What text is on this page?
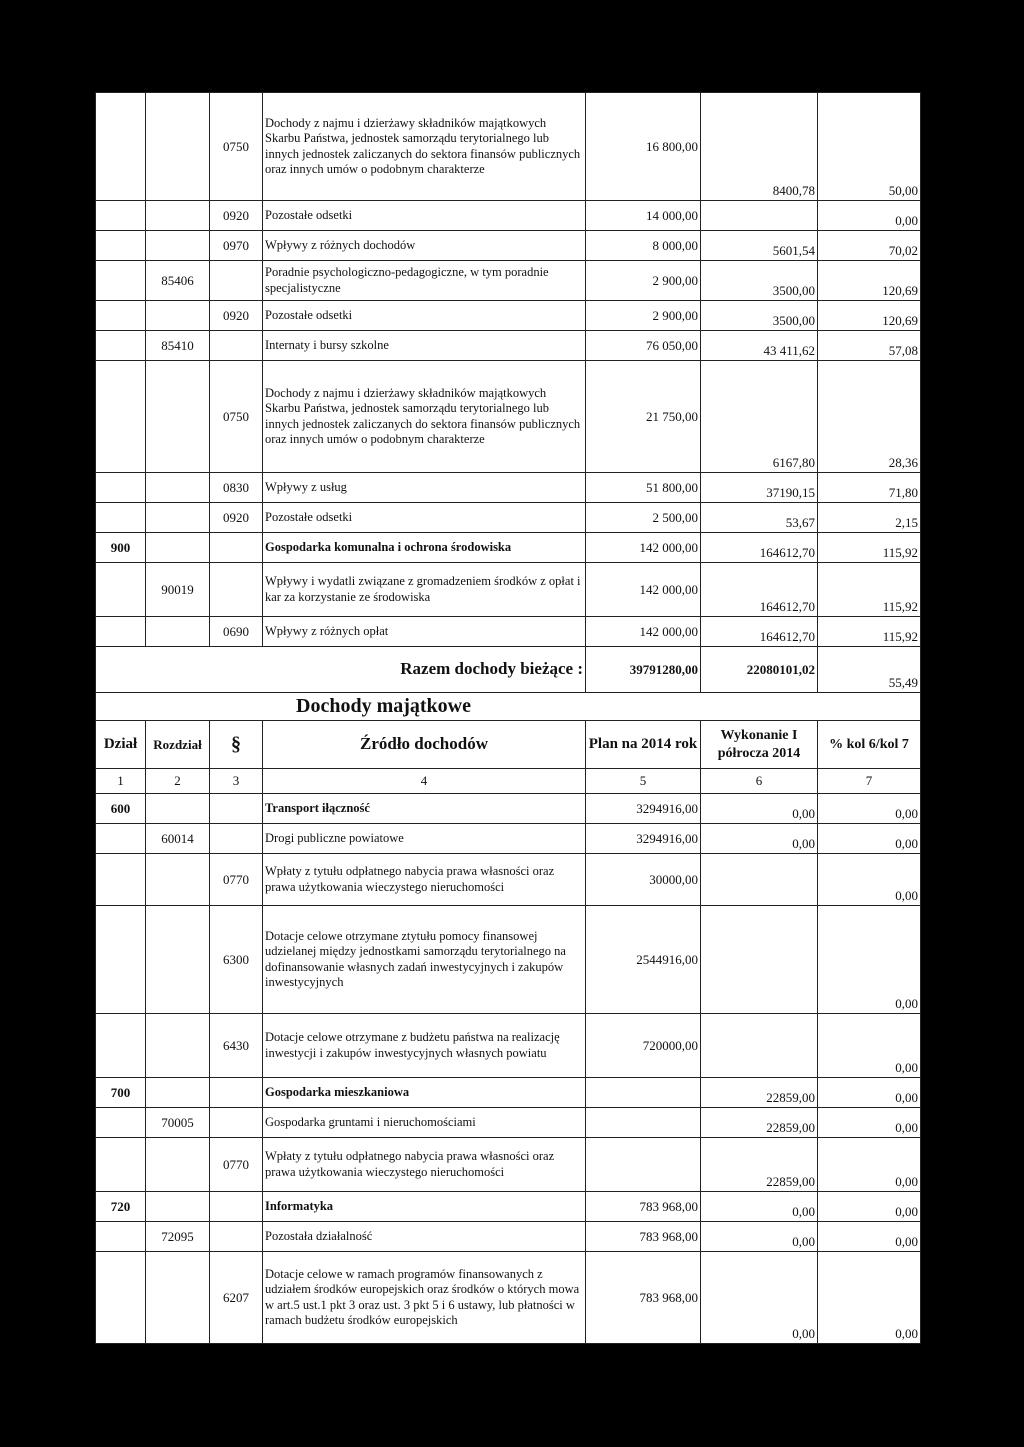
		0750	Dochody z najmu i dzierżawy składników majątkowych Skarbu Państwa, jednostek samorządu terytorialnego lub innych jednostek zaliczanych do sektora finansów publicznych oraz innych umów o podobnym charakterze	16 800,00	8400,78	50,00
		0920	Pozostałe odsetki	14 000,00		0,00
		0970	Wpływy z różnych dochodów	8 000,00	5601,54	70,02
	85406		Poradnie psychologiczno-pedagogiczne, w tym poradnie specjalistyczne	2 900,00	3500,00	120,69
		0920	Pozostałe odsetki	2 900,00	3500,00	120,69
	85410		Internaty i bursy szkolne	76 050,00	43 411,62	57,08
		0750	Dochody z najmu i dzierżawy składników majątkowych Skarbu Państwa, jednostek samorządu terytorialnego lub innych jednostek zaliczanych do sektora finansów publicznych oraz innych umów o podobnym charakterze	21 750,00	6167,80	28,36
		0830	Wpływy z usług	51 800,00	37190,15	71,80
		0920	Pozostałe odsetki	2 500,00	53,67	2,15
900			Gospodarka komunalna i ochrona środowiska	142 000,00	164612,70	115,92
	90019		Wpływy i wydatli związane z gromadzeniem środków z opłat i kar za korzystanie ze środowiska	142 000,00	164612,70	115,92
		0690	Wpływy z różnych opłat	142 000,00	164612,70	115,92
Razem dochody bieżące :				39791280,00	22080101,02	55,49
Dochody majątkowe						
Dział	Rozdział	§	Źródło dochodów	Plan na 2014 rok	Wykonanie I półrocza 2014	% kol 6/kol 7
1	2	3	4	5	6	7
600			Transport iłączność	3294916,00	0,00	0,00
	60014		Drogi publiczne powiatowe	3294916,00	0,00	0,00
		0770	Wpłaty z tytułu odpłatnego nabycia prawa własności oraz prawa użytkowania wieczystego nieruchomości	30000,00		0,00
		6300	Dotacje celowe otrzymane ztytułu pomocy finansowej udzielanej między jednostkami samorządu terytorialnego na dofinansowanie własnych zadań inwestycyjnych i zakupów inwestycyjnych	2544916,00		0,00
		6430	Dotacje celowe otrzymane z budżetu państwa na realizację inwestycji i zakupów inwestycyjnych własnych powiatu	720000,00		0,00
700			Gospodarka mieszkaniowa		22859,00	0,00
	70005		Gospodarka gruntami i nieruchomościami		22859,00	0,00
		0770	Wpłaty z tytułu odpłatnego nabycia prawa własności oraz prawa użytkowania wieczystego nieruchomości		22859,00	0,00
720			Informatyka	783 968,00	0,00	0,00
	72095		Pozostała działalność	783 968,00	0,00	0,00
		6207	Dotacje celowe w ramach programów finansowanych z udziałem środków europejskich oraz środków o których mowa w art.5 ust.1 pkt 3 oraz ust. 3 pkt 5 i 6 ustawy, lub płatności w ramach budżetu środków europejskich	783 968,00	0,00	0,00
